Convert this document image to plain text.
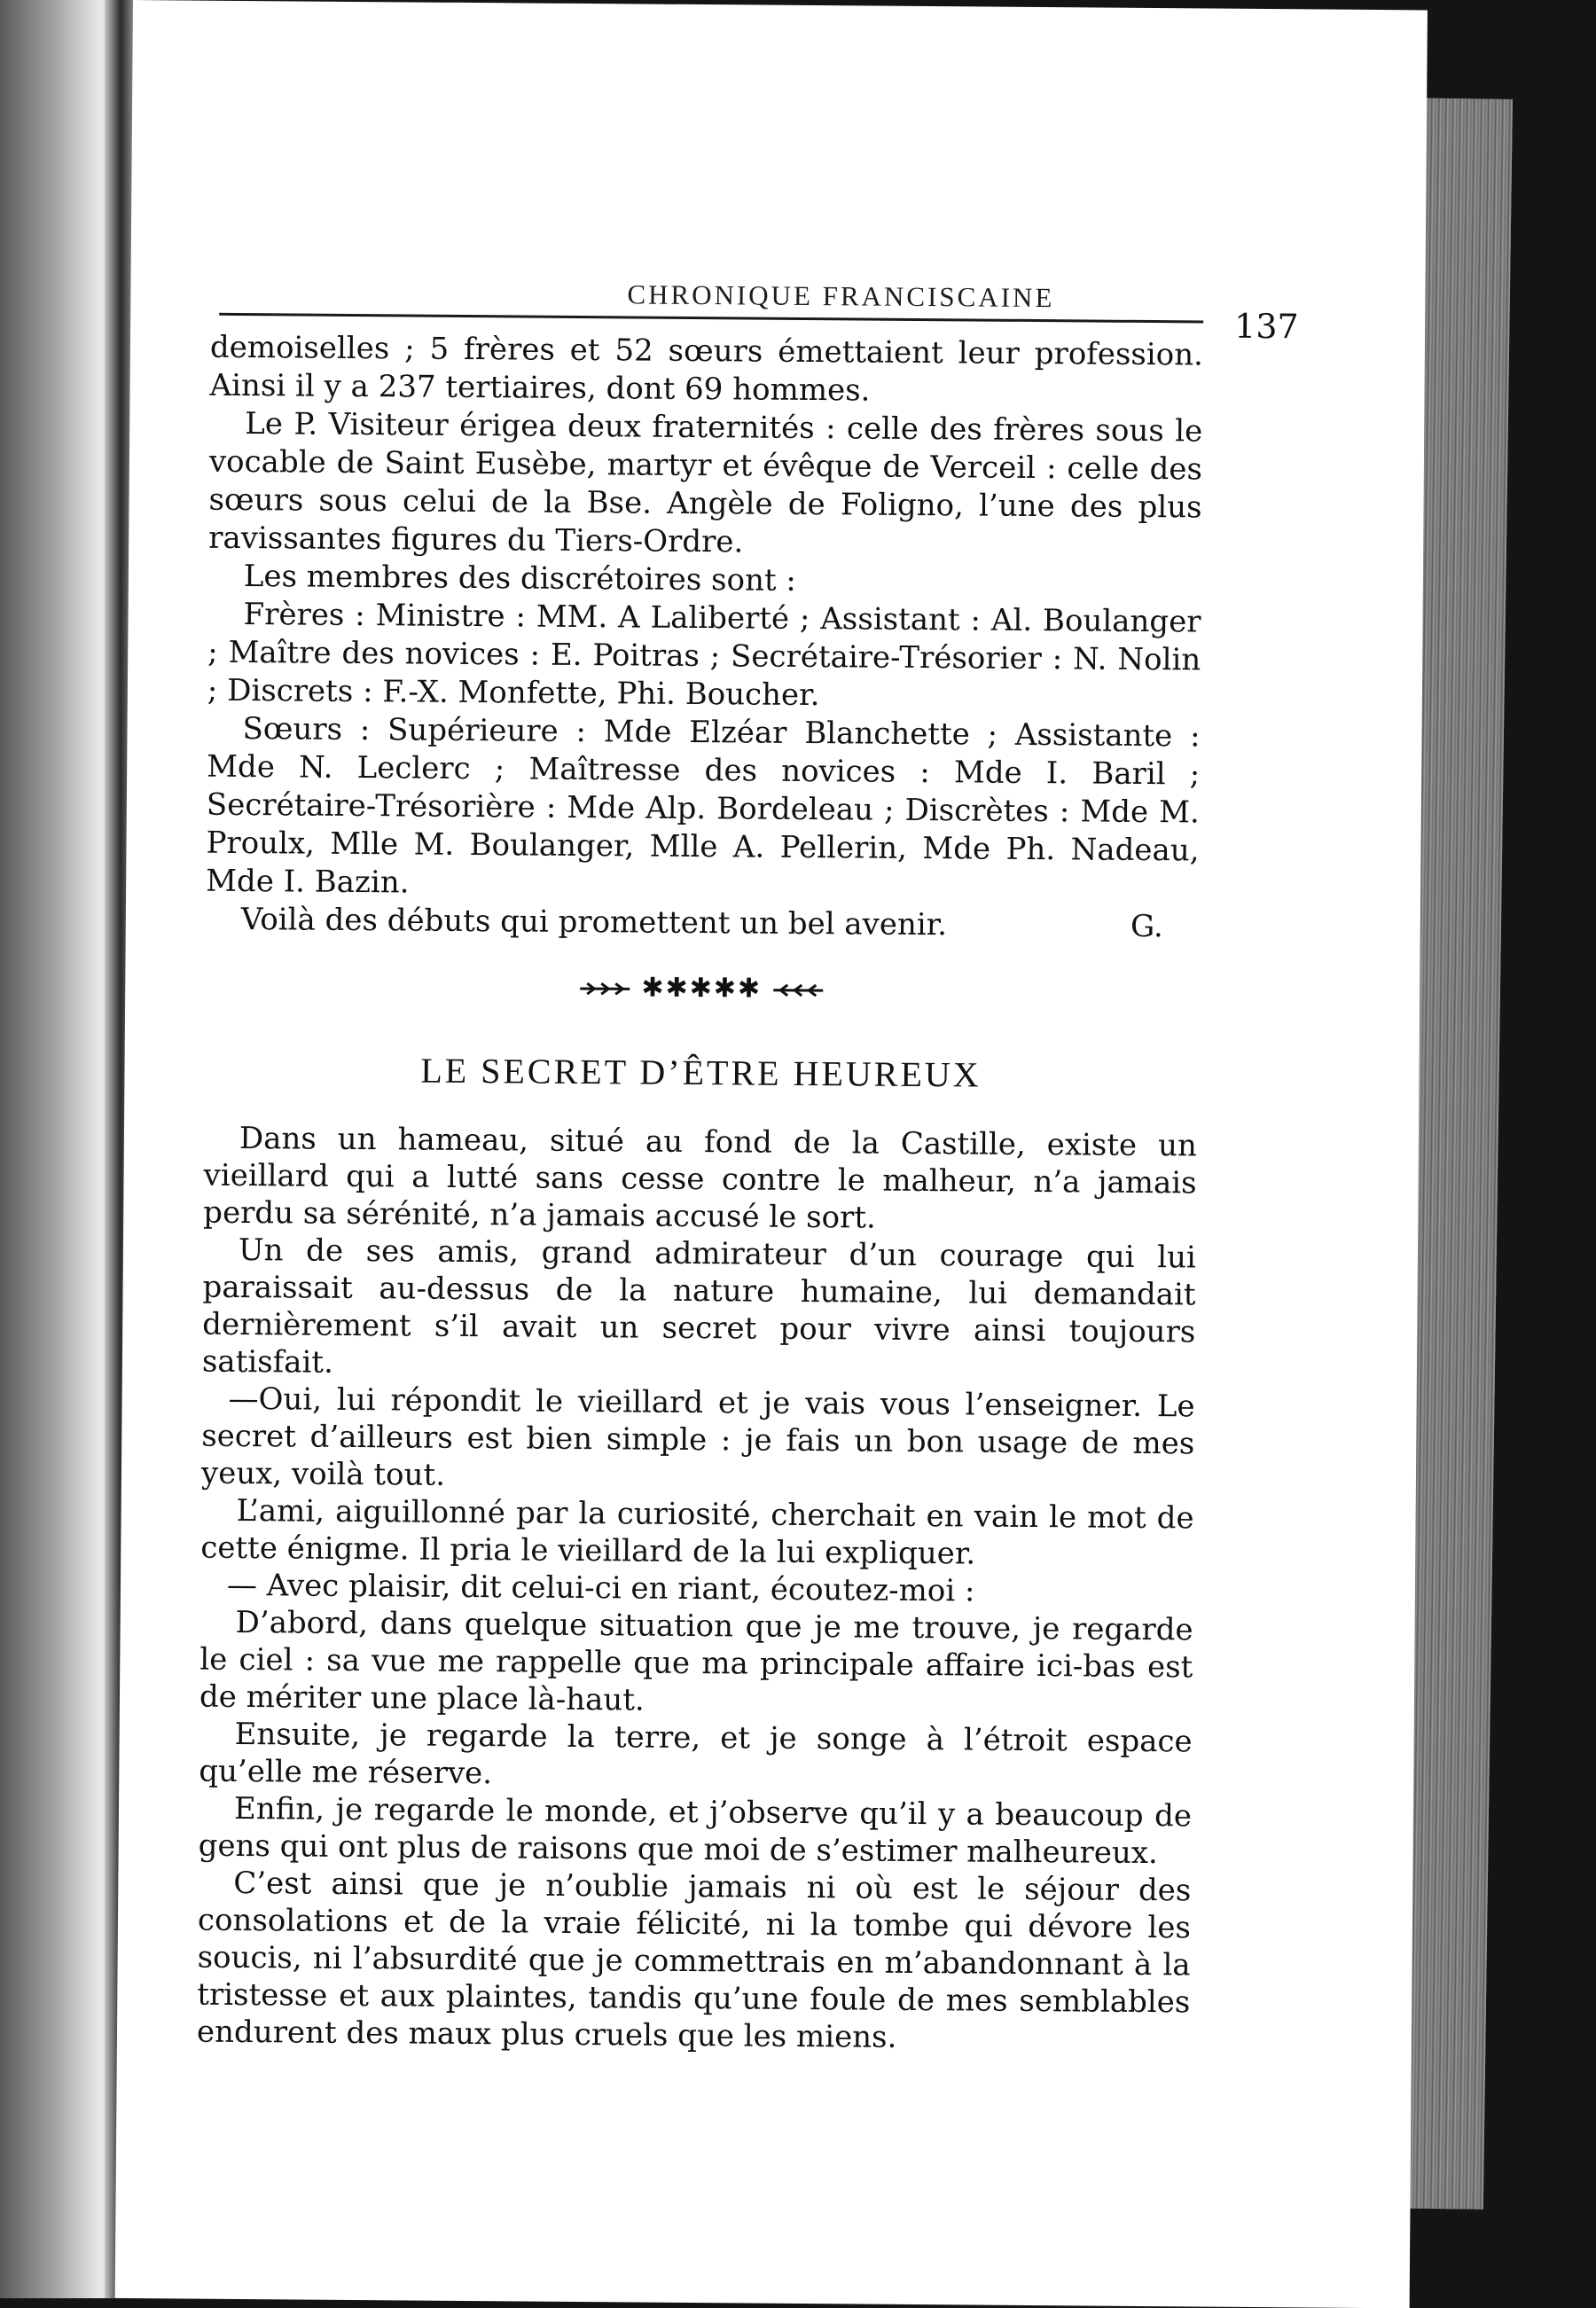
CHRONIQUE FRANCISCAINE
137

demoiselles ; 5 frères et 52 sœurs émettaient leur profession. Ainsi il y a 237 tertiaires, dont 69 hommes.

Le P. Visiteur érigea deux fraternités : celle des frères sous le vocable de Saint Eusèbe, martyr et évêque de Verceil : celle des sœurs sous celui de la Bse. Angèle de Foligno, l’une des plus ravissantes figures du Tiers-Ordre.

Les membres des discrétoires sont :

Frères : Ministre : MM. A Laliberté ; Assistant : Al. Boulanger ; Maître des novices : E. Poitras ; Secrétaire-Trésorier : N. Nolin ; Discrets : F.-X. Monfette, Phi. Boucher.

Sœurs : Supérieure : Mde Elzéar Blanchette ; Assistante : Mde N. Leclerc ; Maîtresse des novices : Mde I. Baril ; Secrétaire-Trésorière : Mde Alp. Bordeleau ; Discrètes : Mde M. Proulx, Mlle M. Boulanger, Mlle A. Pellerin, Mde Ph. Nadeau, Mde I. Bazin.

Voilà des débuts qui promettent un bel avenir.	G.
✱✱✱✱✱
LE SECRET D’ÊTRE HEUREUX

Dans un hameau, situé au fond de la Castille, existe un vieillard qui a lutté sans cesse contre le malheur, n’a jamais perdu sa sérénité, n’a jamais accusé le sort.

Un de ses amis, grand admirateur d’un courage qui lui paraissait au-dessus de la nature humaine, lui demandait dernièrement s’il avait un secret pour vivre ainsi toujours satisfait.

—Oui, lui répondit le vieillard et je vais vous l’enseigner. Le secret d’ailleurs est bien simple : je fais un bon usage de mes yeux, voilà tout.

L’ami, aiguillonné par la curiosité, cherchait en vain le mot de cette énigme. Il pria le vieillard de la lui expliquer.

— Avec plaisir, dit celui-ci en riant, écoutez-moi :

D’abord, dans quelque situation que je me trouve, je regarde le ciel : sa vue me rappelle que ma principale affaire ici-bas est de mériter une place là-haut.

Ensuite, je regarde la terre, et je songe à l’étroit espace qu’elle me réserve.

Enfin, je regarde le monde, et j’observe qu’il y a beaucoup de gens qui ont plus de raisons que moi de s’estimer malheureux.

C’est ainsi que je n’oublie jamais ni où est le séjour des consolations et de la vraie félicité, ni la tombe qui dévore les soucis, ni l’absurdité que je commettrais en m’abandonnant à la tristesse et aux plaintes, tandis qu’une foule de mes semblables endurent des maux plus cruels que les miens.
